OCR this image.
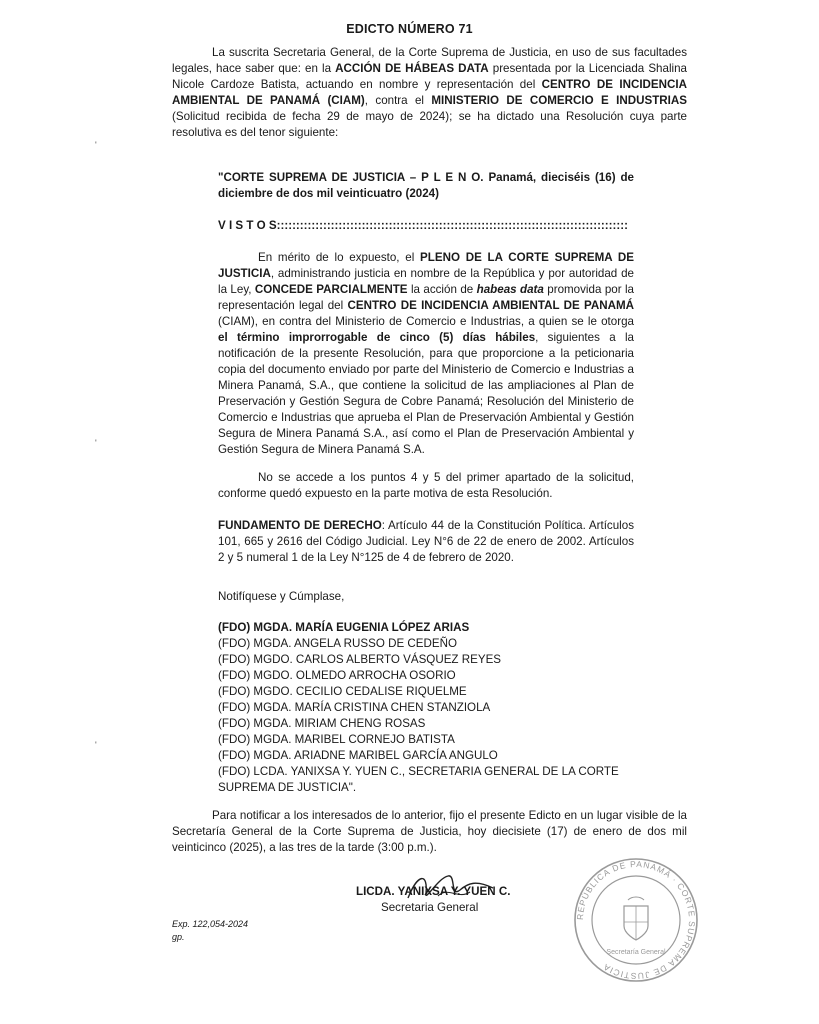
EDICTO NÚMERO 71
'
'
'
La suscrita Secretaria General, de la Corte Suprema de Justicia, en uso de sus facultades legales, hace saber que: en la ACCIÓN DE HÁBEAS DATA presentada por la Licenciada Shalina Nicole Cardoze Batista, actuando en nombre y representación del CENTRO DE INCIDENCIA AMBIENTAL DE PANAMÁ (CIAM), contra el MINISTERIO DE COMERCIO E INDUSTRIAS (Solicitud recibida de fecha 29 de mayo de 2024); se ha dictado una Resolución cuya parte resolutiva es del tenor siguiente:
"CORTE SUPREMA DE JUSTICIA – P L E N O. Panamá, dieciséis (16) de diciembre de dos mil veinticuatro (2024)
V I S T O S:::::::::::::::::::::::::::::::::::::::::::::::::::::::::::::::::::::::::::::::::::::::::::
En mérito de lo expuesto, el PLENO DE LA CORTE SUPREMA DE JUSTICIA, administrando justicia en nombre de la República y por autoridad de la Ley, CONCEDE PARCIALMENTE la acción de habeas data promovida por la representación legal del CENTRO DE INCIDENCIA AMBIENTAL DE PANAMÁ (CIAM), en contra del Ministerio de Comercio e Industrias, a quien se le otorga el término improrrogable de cinco (5) días hábiles, siguientes a la notificación de la presente Resolución, para que proporcione a la peticionaria copia del documento enviado por parte del Ministerio de Comercio e Industrias a Minera Panamá, S.A., que contiene la solicitud de las ampliaciones al Plan de Preservación y Gestión Segura de Cobre Panamá; Resolución del Ministerio de Comercio e Industrias que aprueba el Plan de Preservación Ambiental y Gestión Segura de Minera Panamá S.A., así como el Plan de Preservación Ambiental y Gestión Segura de Minera Panamá S.A.
No se accede a los puntos 4 y 5 del primer apartado de la solicitud, conforme quedó expuesto en la parte motiva de esta Resolución.
FUNDAMENTO DE DERECHO: Artículo 44 de la Constitución Política. Artículos 101, 665 y 2616 del Código Judicial. Ley N°6 de 22 de enero de 2002. Artículos 2 y 5 numeral 1 de la Ley N°125 de 4 de febrero de 2020.
Notifíquese y Cúmplase,
(FDO) MGDA. MARÍA EUGENIA LÓPEZ ARIAS
(FDO) MGDA. ANGELA RUSSO DE CEDEÑO
(FDO) MGDO. CARLOS ALBERTO VÁSQUEZ REYES
(FDO) MGDO. OLMEDO ARROCHA OSORIO
(FDO) MGDO. CECILIO CEDALISE RIQUELME
(FDO) MGDA. MARÍA CRISTINA CHEN STANZIOLA
(FDO) MGDA. MIRIAM CHENG ROSAS
(FDO) MGDA. MARIBEL CORNEJO BATISTA
(FDO) MGDA. ARIADNE MARIBEL GARCÍA ANGULO
(FDO) LCDA. YANIXSA Y. YUEN C., SECRETARIA GENERAL DE LA CORTE SUPREMA DE JUSTICIA".
Para notificar a los interesados de lo anterior, fijo el presente Edicto en un lugar visible de la Secretaría General de la Corte Suprema de Justicia, hoy diecisiete (17) de enero de dos mil veinticinco (2025), a las tres de la tarde (3:00 p.m.).
LICDA. YANIXSA Y. YUEN C.
Secretaria General
Exp. 122,054-2024
gp.
REPÚBLICA DE PANAMÁ · CORTE SUPREMA DE JUSTICIA
Secretaría General
